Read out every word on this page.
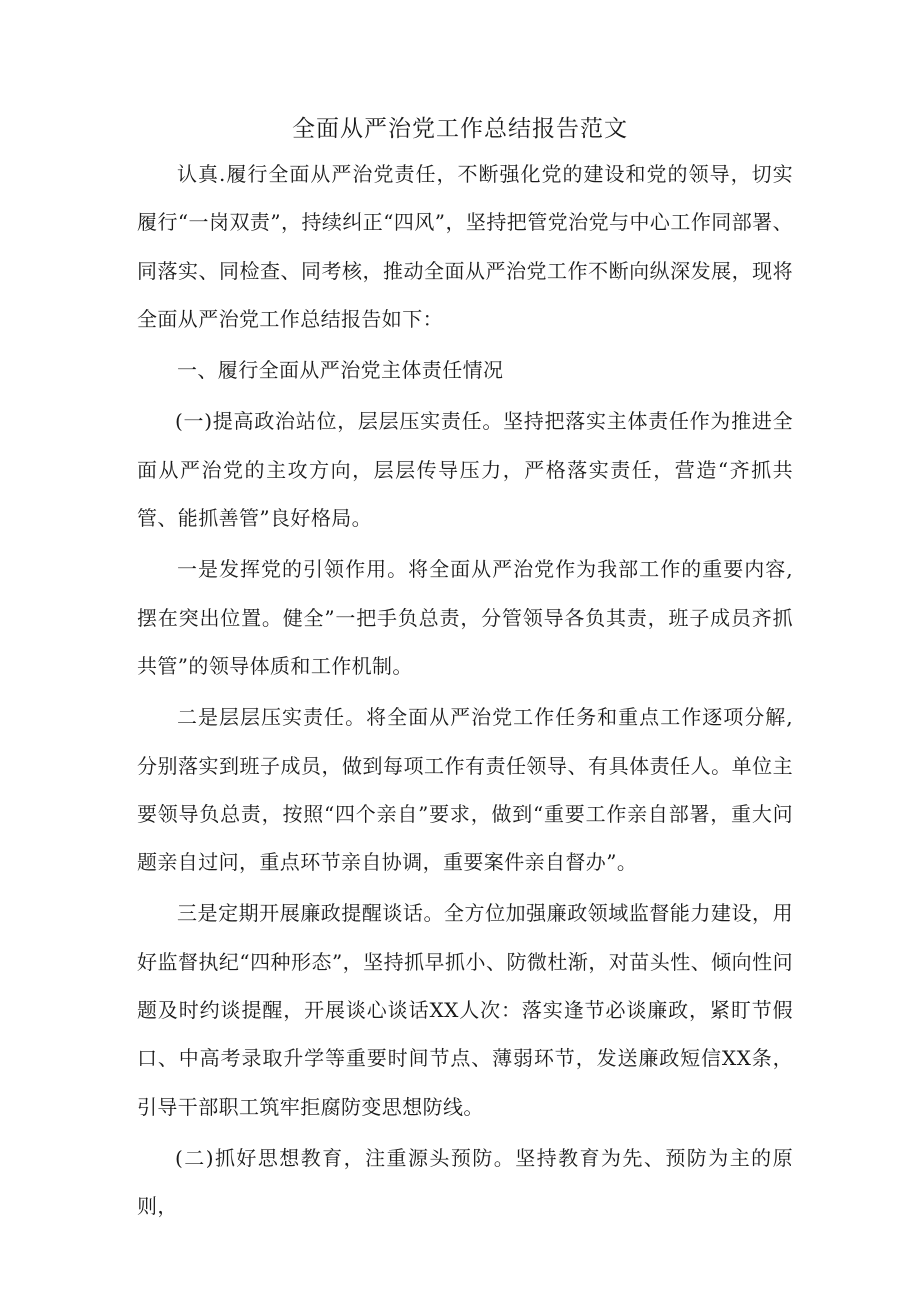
全面从严治党工作总结报告范文

认真.履行全面从严治党责任，不断强化党的建设和党的领导，切实履行“一岗双责”，持续纠正“四风”，坚持把管党治党与中心工作同部署、同落实、同检查、同考核，推动全面从严治党工作不断向纵深发展，现将全面从严治党工作总结报告如下：

一、履行全面从严治党主体责任情况

(一)提高政治站位，层层压实责任。坚持把落实主体责任作为推进全面从严治党的主攻方向，层层传导压力，严格落实责任，营造“齐抓共管、能抓善管”良好格局。

一是发挥党的引领作用。将全面从严治党作为我部工作的重要内容,摆在突出位置。健全”一把手负总责，分管领导各负其责，班子成员齐抓共管”的领导体质和工作机制。

二是层层压实责任。将全面从严治党工作任务和重点工作逐项分解,分别落实到班子成员，做到每项工作有责任领导、有具体责任人。单位主要领导负总责，按照“四个亲自”要求，做到“重要工作亲自部署，重大问题亲自过问，重点环节亲自协调，重要案件亲自督办”。

三是定期开展廉政提醒谈话。全方位加强廉政领域监督能力建设，用好监督执纪“四种形态”，坚持抓早抓小、防微杜渐，对苗头性、倾向性问题及时约谈提醒，开展谈心谈话XX人次：落实逢节必谈廉政，紧盯节假口、中高考录取升学等重要时间节点、薄弱环节，发送廉政短信XX条，引导干部职工筑牢拒腐防变思想防线。

(二)抓好思想教育，注重源头预防。坚持教育为先、预防为主的原则，
